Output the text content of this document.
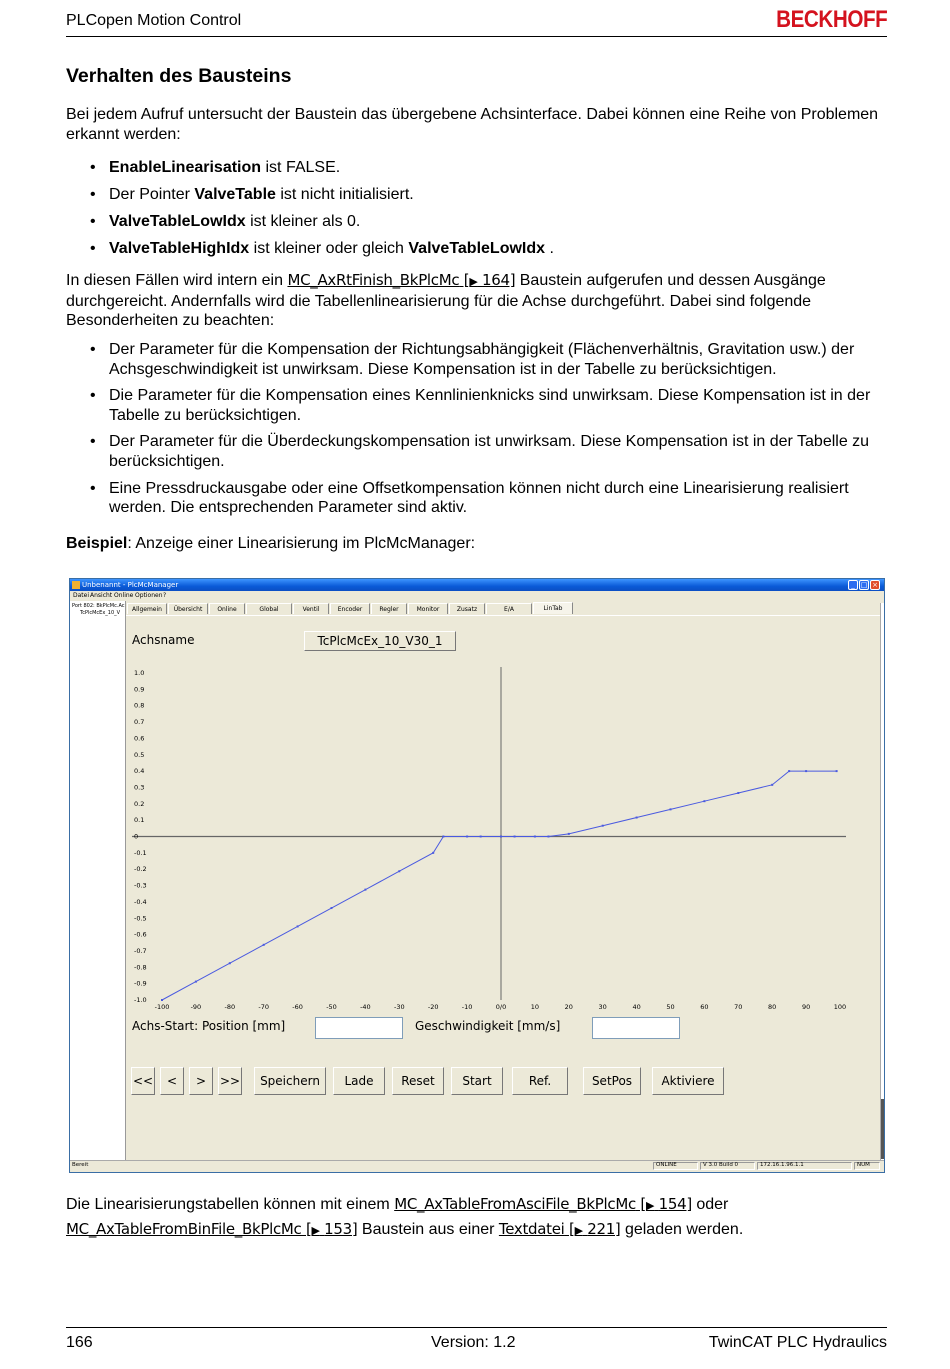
PLCopen Motion Control	BECKHOFF
Verhalten des Bausteins

Bei jedem Aufruf untersucht der Baustein das übergebene Achsinterface. Dabei können eine Reihe von Problemen erkannt werden:

• EnableLinearisation ist FALSE.
• Der Pointer ValveTable ist nicht initialisiert.
• ValveTableLowIdx ist kleiner als 0.
• ValveTableHighIdx ist kleiner oder gleich ValveTableLowIdx .

In diesen Fällen wird intern ein MC_AxRtFinish_BkPlcMc [▶ 164] Baustein aufgerufen und dessen Ausgänge durchgereicht. Andernfalls wird die Tabellenlinearisierung für die Achse durchgeführt. Dabei sind folgende Besonderheiten zu beachten:

• Der Parameter für die Kompensation der Richtungsabhängigkeit (Flächenverhältnis, Gravitation usw.) der Achsgeschwindigkeit ist unwirksam. Diese Kompensation ist in der Tabelle zu berücksichtigen.
• Die Parameter für die Kompensation eines Kennlinienknicks sind unwirksam. Diese Kompensation ist in der Tabelle zu berücksichtigen.
• Der Parameter für die Überdeckungskompensation ist unwirksam. Diese Kompensation ist in der Tabelle zu berücksichtigen.
• Eine Pressdruckausgabe oder eine Offsetkompensation können nicht durch eine Linearisierung realisiert werden. Die entsprechenden Parameter sind aktiv.

Beispiel: Anzeige einer Linearisierung im PlcMcManager:

Unbenannt - PlcMcManager	_ □ ×
Datei Ansicht Online Optionen ?
Port 802: BkPlcMc.Ac
TcPlcMcEx_10_V	Allgemein	Übersicht	Online	Global	Ventil	Encoder	Regler	Monitor	Zusatz	E/A	LinTab
Achsname	TcPlcMcEx_10_V30_1
1.0
0.9
0.8
0.7
0.6
0.5
0.4
0.3
0.2
0.1
0
-0.1
-0.2
-0.3
-0.4
-0.5
-0.6
-0.7
-0.8
-0.9
-1.0
-100	-90	-80	-70	-60	-50	-40	-30	-20	-10	0/0	10	20	30	40	50	60	70	80	90	100
Achs-Start: Position [mm]	Geschwindigkeit [mm/s]
<<	<	>	>>	Speichern	Lade	Reset	Start	Ref.	SetPos	Aktiviere
Bereit	ONLINE	V 3.0 Build 0	172.16.1.96.1.1	NUM

Die Linearisierungstabellen können mit einem MC_AxTableFromAsciFile_BkPlcMc [▶ 154] oder
MC_AxTableFromBinFile_BkPlcMc [▶ 153] Baustein aus einer Textdatei [▶ 221] geladen werden.

166	Version: 1.2	TwinCAT PLC Hydraulics
